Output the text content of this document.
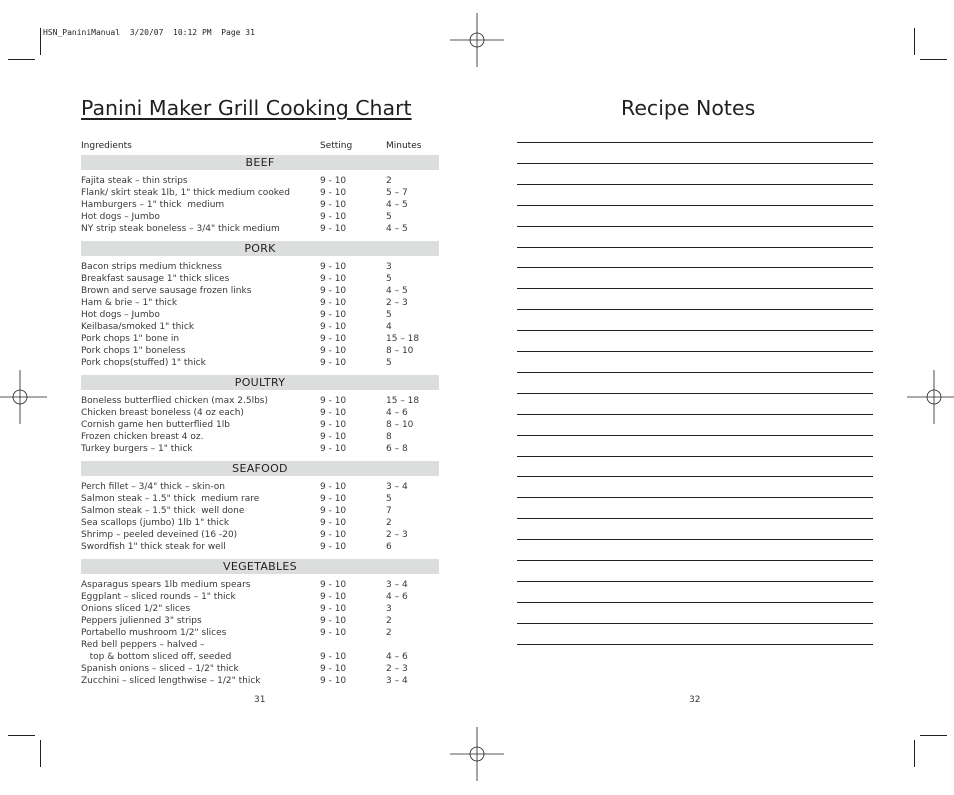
HSN_PaniniManual  3/20/07  10:12 PM  Page 31
Panini Maker Grill Cooking Chart
Ingredients	Setting	Minutes
BEEF
Fajita steak – thin strips	9 - 10	2
Flank/ skirt steak 1lb, 1" thick medium cooked	9 - 10	5 – 7
Hamburgers – 1" thick  medium	9 - 10	4 – 5
Hot dogs – Jumbo	9 - 10	5
NY strip steak boneless – 3/4" thick medium	9 - 10	4 – 5
PORK
Bacon strips medium thickness	9 - 10	3
Breakfast sausage 1" thick slices	9 - 10	5
Brown and serve sausage frozen links	9 - 10	4 – 5
Ham & brie – 1" thick	9 - 10	2 – 3
Hot dogs – Jumbo	9 - 10	5
Keilbasa/smoked 1" thick	9 - 10	4
Pork chops 1" bone in	9 - 10	15 – 18
Pork chops 1" boneless	9 - 10	8 – 10
Pork chops(stuffed) 1" thick	9 - 10	5
POULTRY
Boneless butterflied chicken (max 2.5lbs)	9 - 10	15 – 18
Chicken breast boneless (4 oz each)	9 - 10	4 – 6
Cornish game hen butterflied 1lb	9 - 10	8 – 10
Frozen chicken breast 4 oz.	9 - 10	8
Turkey burgers – 1" thick	9 - 10	6 – 8
SEAFOOD
Perch fillet – 3/4" thick – skin-on	9 - 10	3 – 4
Salmon steak – 1.5" thick  medium rare	9 - 10	5
Salmon steak – 1.5" thick  well done	9 - 10	7
Sea scallops (jumbo) 1lb 1" thick	9 - 10	2
Shrimp – peeled deveined (16 -20)	9 - 10	2 – 3
Swordfish 1" thick steak for well	9 - 10	6
VEGETABLES
Asparagus spears 1lb medium spears	9 - 10	3 – 4
Eggplant – sliced rounds – 1" thick	9 - 10	4 – 6
Onions sliced 1/2" slices	9 - 10	3
Peppers julienned 3" strips	9 - 10	2
Portabello mushroom 1/2" slices	9 - 10	2
Red bell peppers – halved –
top & bottom sliced off, seeded	9 - 10	4 – 6
Spanish onions – sliced – 1/2" thick	9 - 10	2 – 3
Zucchini – sliced lengthwise – 1/2" thick	9 - 10	3 – 4
31
Recipe Notes
32
